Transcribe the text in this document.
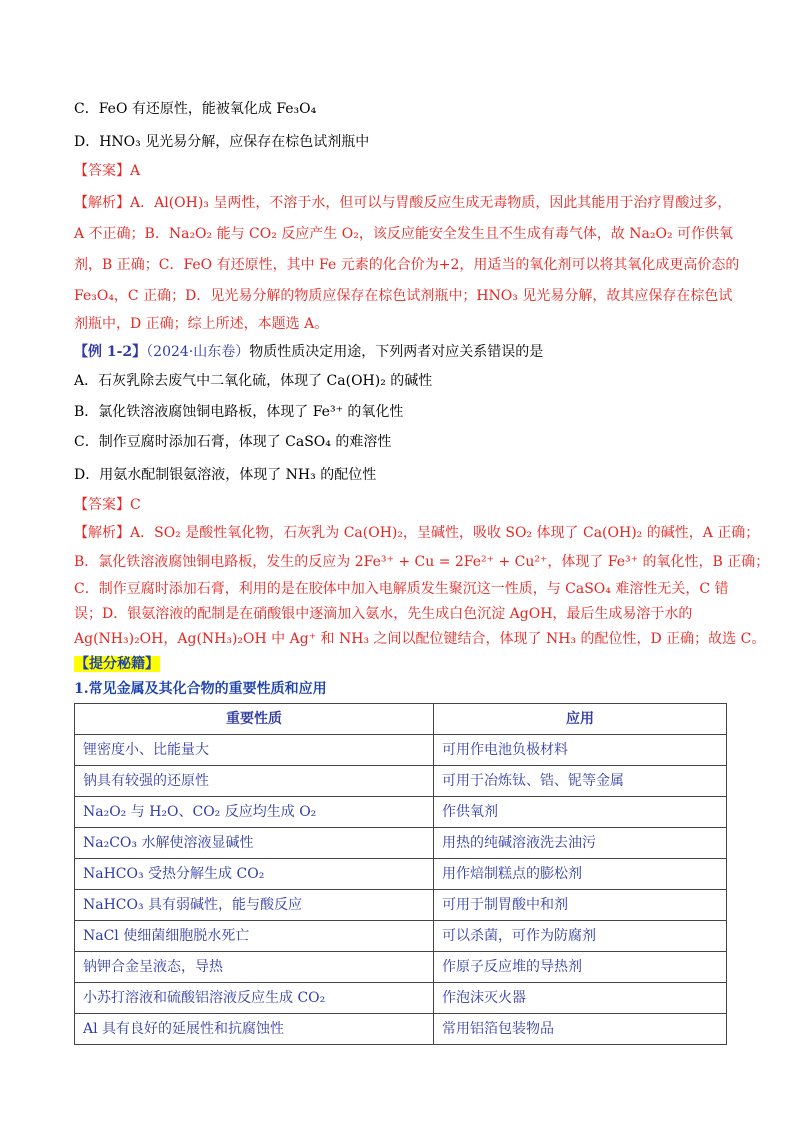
C．FeO 有还原性，能被氧化成 Fe₃O₄
D．HNO₃ 见光易分解，应保存在棕色试剂瓶中
【答案】A
【解析】A．Al(OH)₃ 呈两性，不溶于水，但可以与胃酸反应生成无毒物质，因此其能用于治疗胃酸过多，
A 不正确；B．Na₂O₂ 能与 CO₂ 反应产生 O₂，该反应能安全发生且不生成有毒气体，故 Na₂O₂ 可作供氧
剂，B 正确；C．FeO 有还原性，其中 Fe 元素的化合价为+2，用适当的氧化剂可以将其氧化成更高价态的
Fe₃O₄，C 正确；D．见光易分解的物质应保存在棕色试剂瓶中；HNO₃ 见光易分解，故其应保存在棕色试
剂瓶中，D 正确；综上所述，本题选 A。
【例 1-2】（2024·山东卷）物质性质决定用途，下列两者对应关系错误的是
A．石灰乳除去废气中二氧化硫，体现了 Ca(OH)₂ 的碱性
B．氯化铁溶液腐蚀铜电路板，体现了 Fe³⁺ 的氧化性
C．制作豆腐时添加石膏，体现了 CaSO₄ 的难溶性
D．用氨水配制银氨溶液，体现了 NH₃ 的配位性
【答案】C
【解析】A．SO₂ 是酸性氧化物，石灰乳为 Ca(OH)₂，呈碱性，吸收 SO₂ 体现了 Ca(OH)₂ 的碱性，A 正确；
B．氯化铁溶液腐蚀铜电路板，发生的反应为 2Fe³⁺ + Cu = 2Fe²⁺ + Cu²⁺，体现了 Fe³⁺ 的氧化性，B 正确；
C．制作豆腐时添加石膏，利用的是在胶体中加入电解质发生聚沉这一性质，与 CaSO₄ 难溶性无关，C 错
误；D．银氨溶液的配制是在硝酸银中逐滴加入氨水，先生成白色沉淀 AgOH，最后生成易溶于水的
Ag(NH₃)₂OH，Ag(NH₃)₂OH 中 Ag⁺ 和 NH₃ 之间以配位键结合，体现了 NH₃ 的配位性，D 正确；故选 C。
【提分秘籍】
1.常见金属及其化合物的重要性质和应用
重要性质	应用
锂密度小、比能量大	可用作电池负极材料
钠具有较强的还原性	可用于冶炼钛、锆、铌等金属
Na₂O₂ 与 H₂O、CO₂ 反应均生成 O₂	作供氧剂
Na₂CO₃ 水解使溶液显碱性	用热的纯碱溶液洗去油污
NaHCO₃ 受热分解生成 CO₂	用作焙制糕点的膨松剂
NaHCO₃ 具有弱碱性，能与酸反应	可用于制胃酸中和剂
NaCl 使细菌细胞脱水死亡	可以杀菌，可作为防腐剂
钠钾合金呈液态，导热	作原子反应堆的导热剂
小苏打溶液和硫酸铝溶液反应生成 CO₂	作泡沫灭火器
Al 具有良好的延展性和抗腐蚀性	常用铝箔包装物品
